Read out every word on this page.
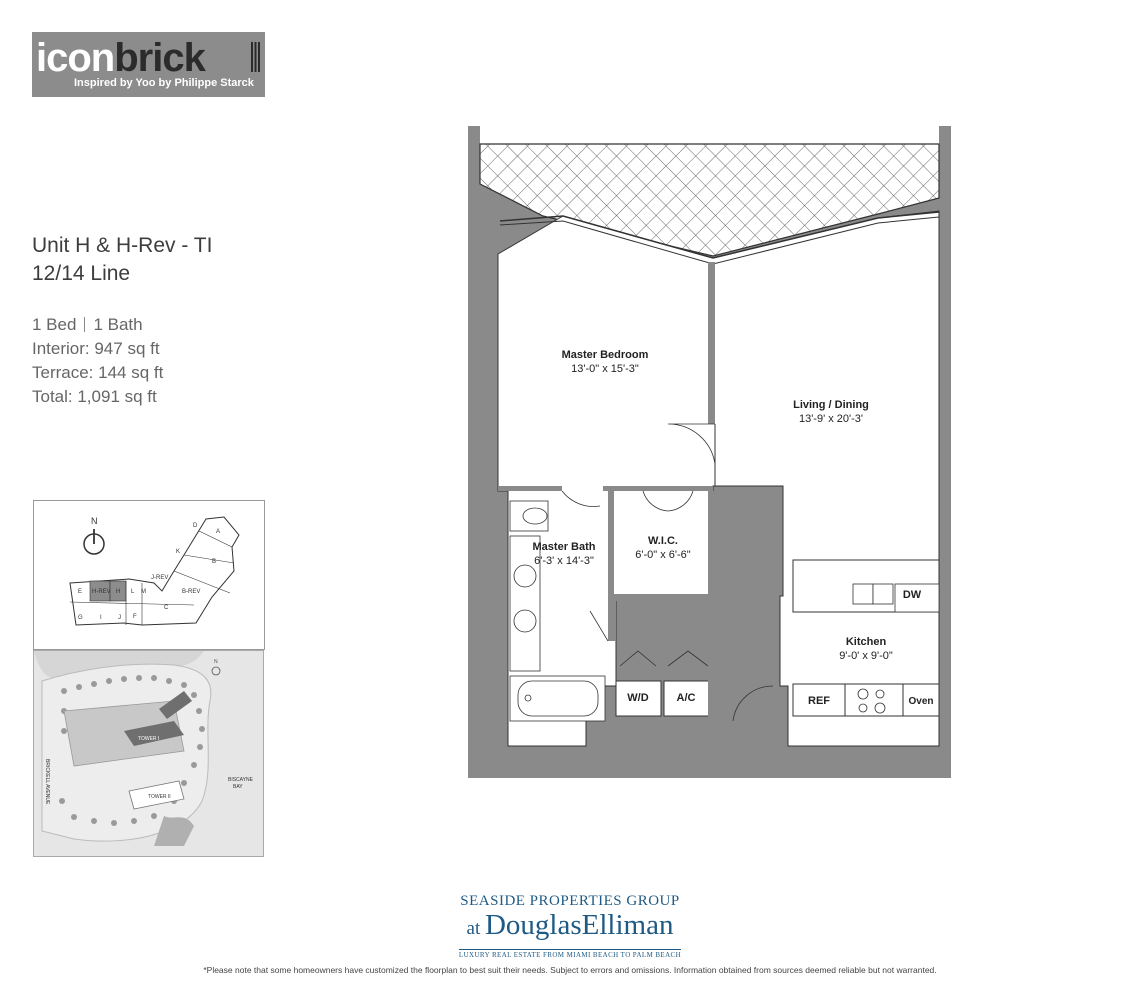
iconbrick
Inspired by Yoo by Philippe Starck
Unit H & H-Rev - TI
12/14 Line
1 Bed 1 Bath
Interior: 947 sq ft
Terrace: 144 sq ft
Total: 1,091 sq ft
N
A
B
B-REV
C
D
E
F
G
H-REV H
I	J
J-REV
K
L M
TOWER I
TOWER II
BRICKELL AVENUE	BISCAYNE
BAY
N
Master Bedroom
13'-0" x 15'-3"
Living / Dining
13'-9' x 20'-3'
W.I.C.
6'-0" x 6'-6"
Master Bath
6'-3' x 14'-3"
Kitchen
9'-0' x 9'-0"
DW
W/D	A/C	REF	Oven
SEASIDE PROPERTIES GROUP
at DouglasElliman
LUXURY REAL ESTATE FROM MIAMI BEACH TO PALM BEACH
*Please note that some homeowners have customized the floorplan to best suit their needs. Subject to errors and omissions. Information obtained from sources deemed reliable but not warranted.
